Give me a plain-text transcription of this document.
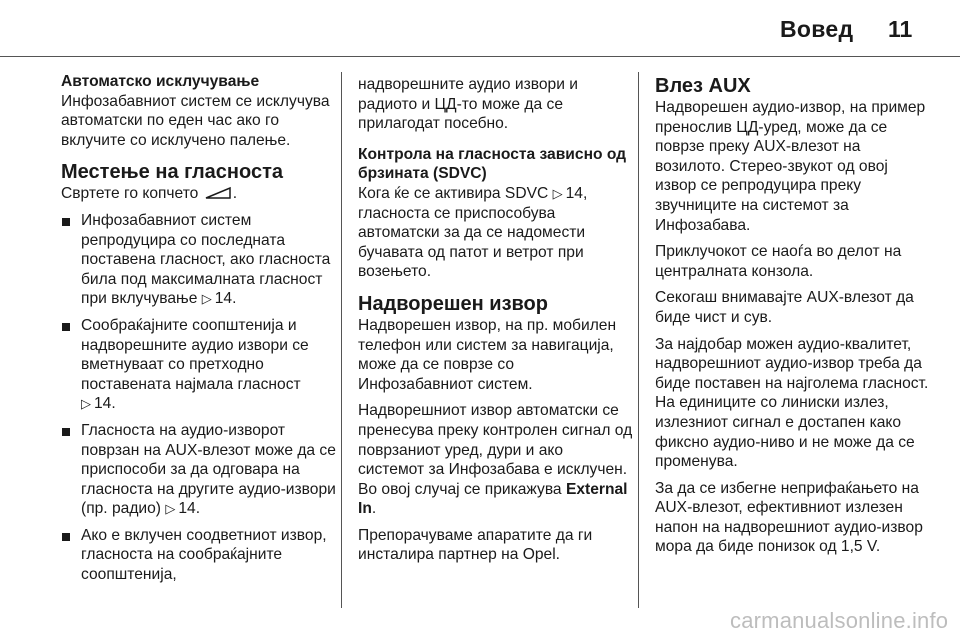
Вовед 11
Автоматско исклучување

Инфозабавниот систем се исклучува автоматски по еден час ако го вклучите со исклучено палење.

Местење на гласноста

Свртете го копчето .

Инфозабавниот систем репродуцира со последната поставена гласност, ако гласноста била под максималната гласност при вклучување ▷ 14.
Сообраќајните соопштенија и надворешните аудио извори се вметнуваат со претходно поставената најмала гласност ▷ 14.
Гласноста на аудио-изворот поврзан на AUX-влезот може да се приспособи за да одговара на гласноста на другите аудио-извори (пр. радио) ▷ 14.
Ако е вклучен соодветниот извор, гласноста на сообраќајните соопштенија,

надворешните аудио извори и радиото и ЦД-то може да се прилагодат посебно.

Контрола на гласноста зависно од брзината (SDVC)

Кога ќе се активира SDVC ▷ 14, гласноста се приспособува автоматски за да се надомести бучавата од патот и ветрот при возењето.

Надворешен извор

Надворешен извор, на пр. мобилен телефон или систем за навигација, може да се поврзе со Инфозабавниот систем.

Надворешниот извор автоматски се пренесува преку контролен сигнал од поврзаниот уред, дури и ако системот за Инфозабава е исклучен. Во овој случај се прикажува External In.

Препорачуваме апаратите да ги инсталира партнер на Opel.

Влез AUX

Надворешен аудио-извор, на пример пренослив ЦД-уред, може да се поврзе преку AUX-влезот на возилото. Стерео-звукот од овој извор се репродуцира преку звучниците на системот за Инфозабава.

Приклучокот се наоѓа во делот на централната конзола.

Секогаш внимавајте AUX-влезот да биде чист и сув.

За најдобар можен аудио-квалитет, надворешниот аудио-извор треба да биде поставен на најголема гласност. На единиците со линиски излез, излезниот сигнал е достапен како фиксно аудио-ниво и не може да се променува.

За да се избегне неприфаќањето на AUX-влезот, ефективниот излезен напон на надворешниот аудио-извор мора да биде понизок од 1,5 V.

carmanualsonline.info
